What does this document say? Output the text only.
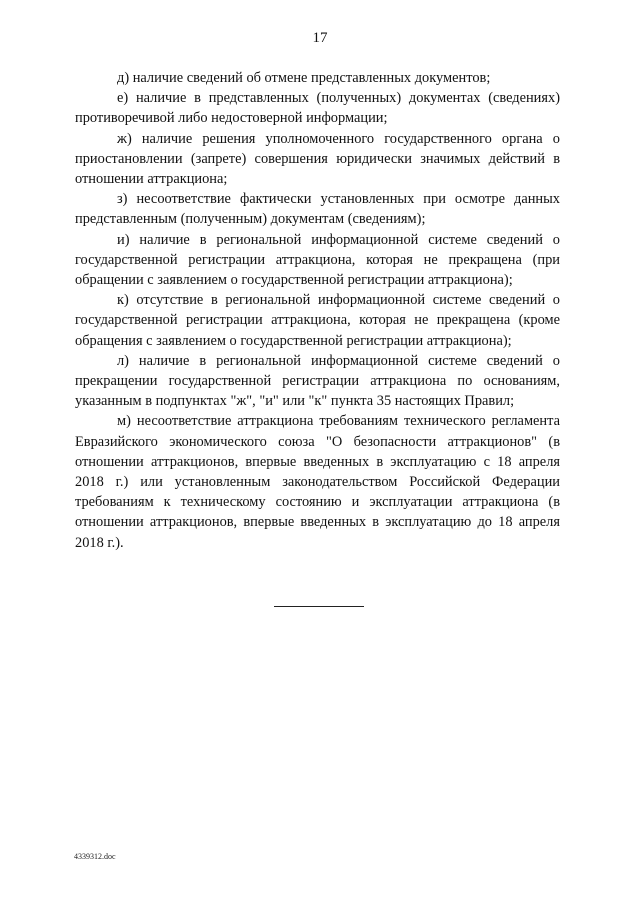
17

д) наличие сведений об отмене представленных документов;

е) наличие в представленных (полученных) документах (сведениях) противоречивой либо недостоверной информации;

ж) наличие решения уполномоченного государственного органа о приостановлении (запрете) совершения юридически значимых действий в отношении аттракциона;

з) несоответствие фактически установленных при осмотре данных представленным (полученным) документам (сведениям);

и) наличие в региональной информационной системе сведений о государственной регистрации аттракциона, которая не прекращена (при обращении с заявлением о государственной регистрации аттракциона);

к) отсутствие в региональной информационной системе сведений о государственной регистрации аттракциона, которая не прекращена (кроме обращения с заявлением о государственной регистрации аттракциона);

л) наличие в региональной информационной системе сведений о прекращении государственной регистрации аттракциона по основаниям, указанным в подпунктах "ж", "и" или "к" пункта 35 настоящих Правил;

м) несоответствие аттракциона требованиям технического регламента Евразийского экономического союза "О безопасности аттракционов" (в отношении аттракционов, впервые введенных в эксплуатацию с 18 апреля 2018 г.) или установленным законодательством Российской Федерации требованиям к техническому состоянию и эксплуатации аттракциона (в отношении аттракционов, впервые введенных в эксплуатацию до 18 апреля 2018 г.).

4339312.doc
